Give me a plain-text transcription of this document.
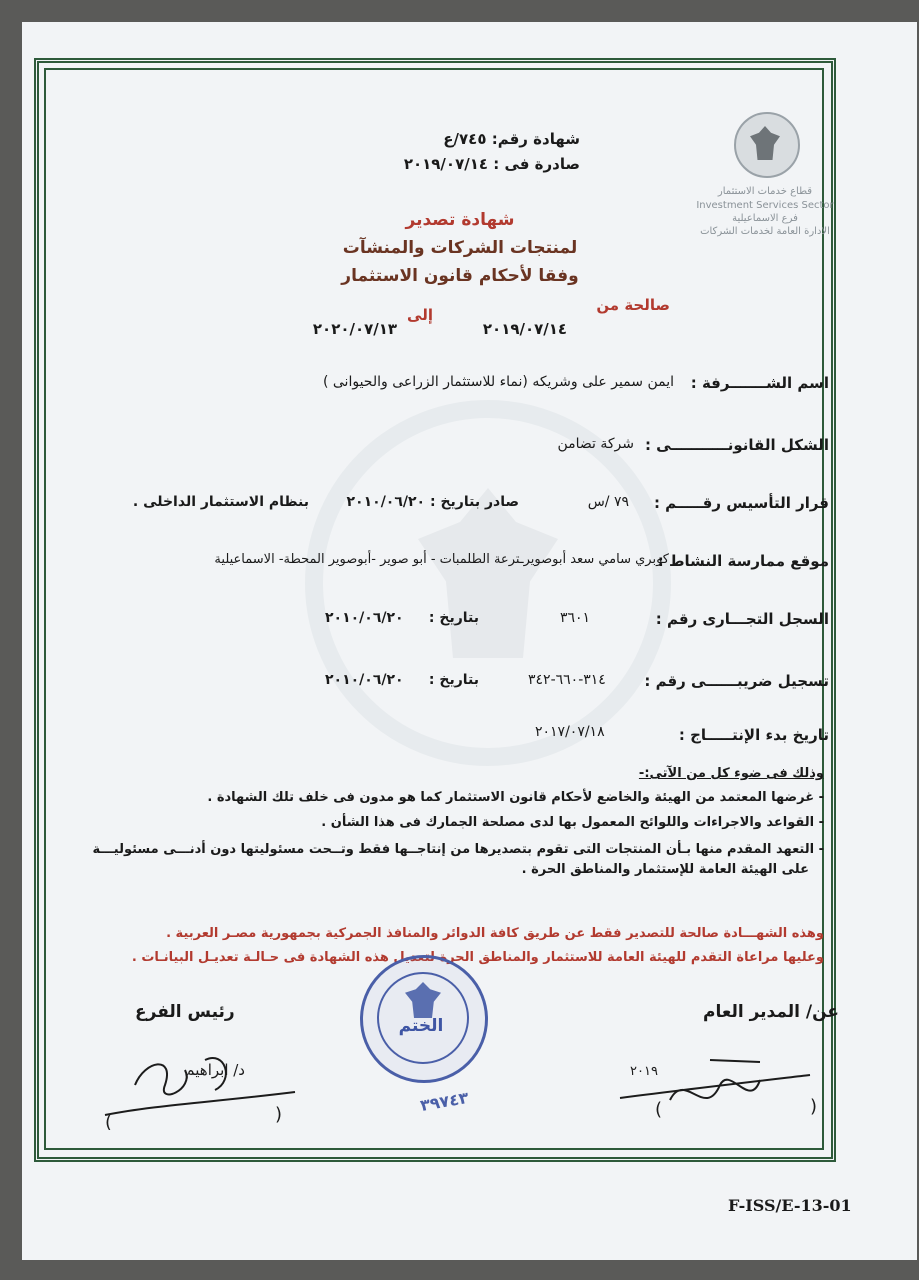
قطاع خدمات الاستثمار
Investment Services Sector
فرع الاسماعيلية
الادارة العامة لخدمات الشركات
شهادة رقم: ٧٤٥/ع
صادرة فى : ٢٠١٩/٠٧/١٤
شهادة تصدير
لمنتجات الشركات والمنشآت
وفقا لأحكام قانون الاستثمار
صالحة من
إلى
٢٠١٩/٠٧/١٤
٢٠٢٠/٠٧/١٣
اسم الشـــــــرفة :
ايمن سمير على وشريكه (نماء للاستثمار الزراعى والحيوانى )
الشكل القانونـــــــــــى :
شركة تضامن
قرار التأسيس رقـــــم :
٧٩ /س
صادر بتاريخ : ٢٠١٠/٠٦/٢٠
بنظام الاستثمار الداخلى .
موقع ممارسة النشاط :
كوبري سامي سعد أبوصويرـترعة الطلمبات - أبو صوير -أبوصوير المحطة- الاسماعيلية
السجل التجـــارى رقم :
٣٦٠١
بتاريخ :
٢٠١٠/٠٦/٢٠
تسجيل ضريبــــــى رقم :
٣١٤-٦٦٠-٣٤٢
بتاريخ :
٢٠١٠/٠٦/٢٠
تاريخ بدء الإنتـــــاج :
٢٠١٧/٠٧/١٨
وذلك فى ضوء كل من الآتى:-
- غرضها المعتمد من الهيئة والخاضع لأحكام قانون الاستثمار كما هو مدون فى خلف تلك الشهادة .
- القواعد والاجراءات واللوائح المعمول بها لدى مصلحة الجمارك فى هذا الشأن .
- التعهد المقدم منها بـأن المنتجات التى تقوم بتصديرها من إنتاجــها فقط وتــحت مسئوليتها دون أدنـــى مسئوليـــة
على الهيئة العامة للإستثمار والمناطق الحرة .
وهذه الشهـــادة صالحة للتصدير فقط عن طريق كافة الدوائر والمنافذ الجمركية بجمهورية مصـر العربية .
وعليها مراعاة التقدم للهيئة العامة للاستثمار والمناطق الحرة لتعديل هذه الشهادة فى حـالـة تعديـل البيانـات .
عن/ المدير العام
رئيس الفرع
د/ ابراهيم
(	)
٢٠١٩
(	)
الختم
٣٩٧٤٣
F-ISS/E-13-01
